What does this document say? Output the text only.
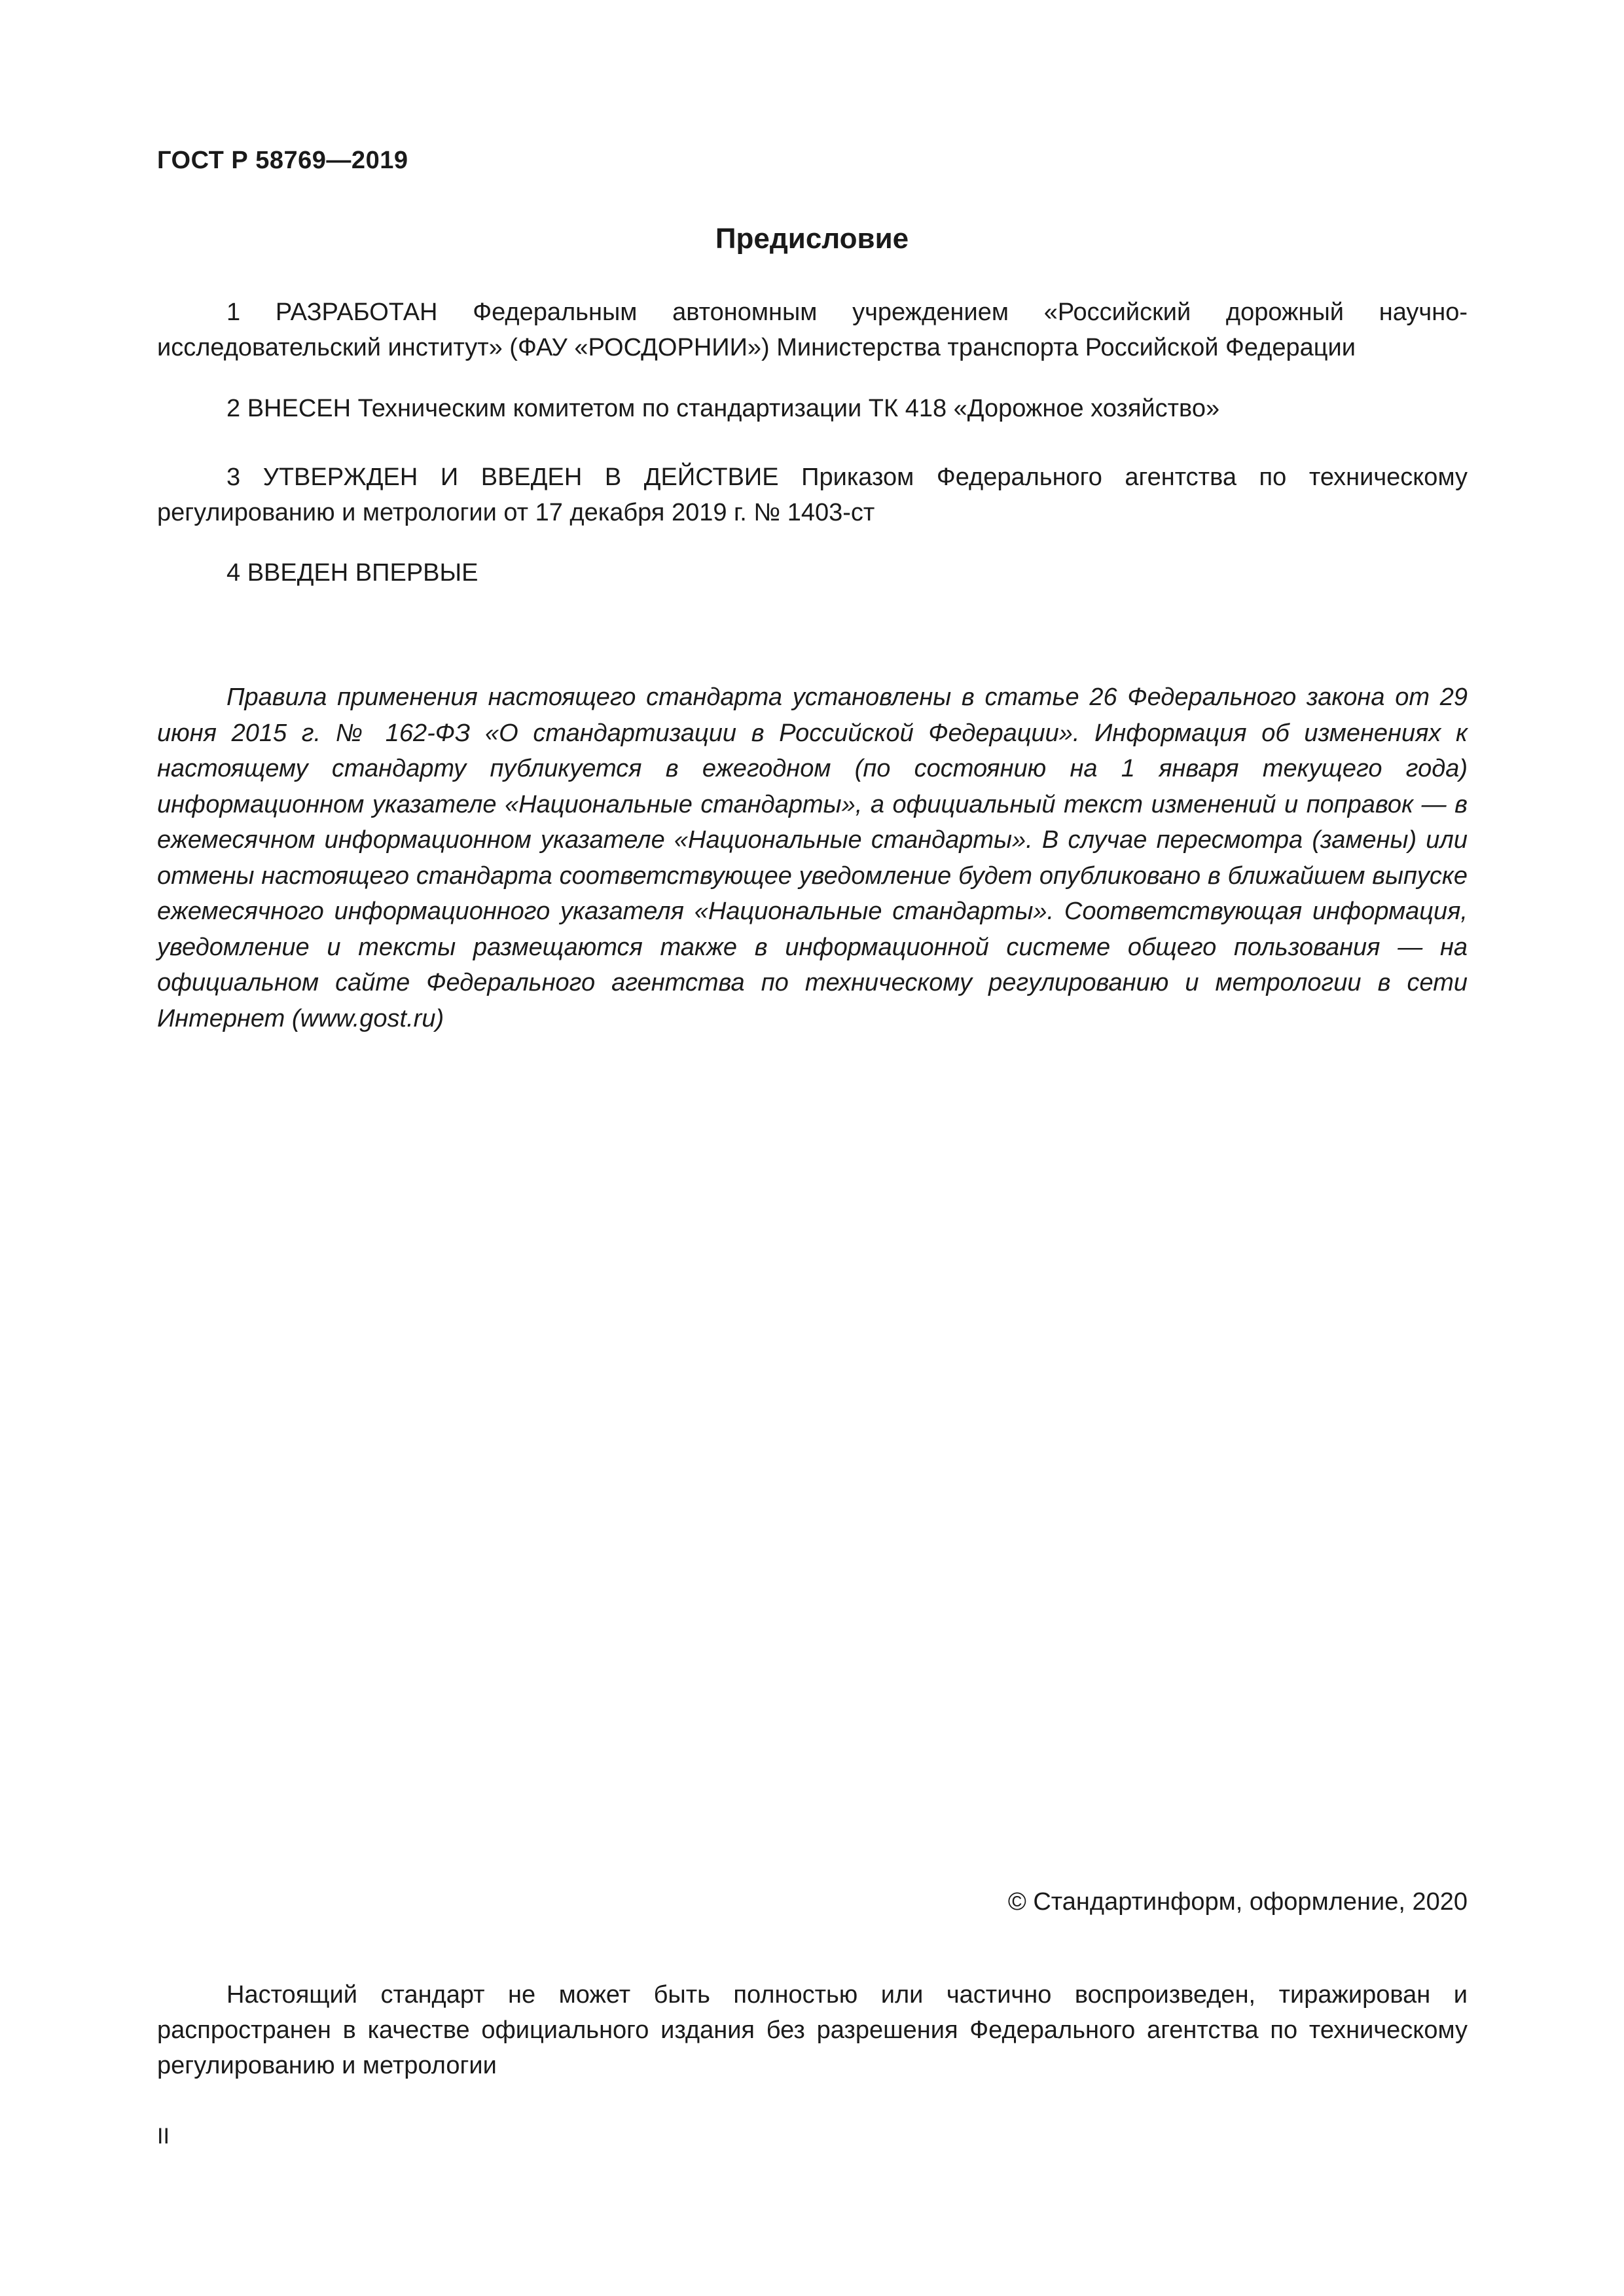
ГОСТ Р 58769—2019

Предисловие

1 РАЗРАБОТАН Федеральным автономным учреждением «Российский дорожный научно-исследовательский институт» (ФАУ «РОСДОРНИИ») Министерства транспорта Российской Федерации

2 ВНЕСЕН Техническим комитетом по стандартизации ТК 418 «Дорожное хозяйство»

3 УТВЕРЖДЕН И ВВЕДЕН В ДЕЙСТВИЕ Приказом Федерального агентства по техническому регулированию и метрологии от 17 декабря 2019 г. № 1403-ст

4 ВВЕДЕН ВПЕРВЫЕ

Правила применения настоящего стандарта установлены в статье 26 Федерального закона от 29 июня 2015 г. № 162-ФЗ «О стандартизации в Российской Федерации». Информация об изменениях к настоящему стандарту публикуется в ежегодном (по состоянию на 1 января текущего года) информационном указателе «Национальные стандарты», а официальный текст изменений и поправок — в ежемесячном информационном указателе «Национальные стандарты». В случае пересмотра (замены) или отмены настоящего стандарта соответствующее уведомление будет опубликовано в ближайшем выпуске ежемесячного информационного указателя «Национальные стандарты». Соответствующая информация, уведомление и тексты размещаются также в информационной системе общего пользования — на официальном сайте Федерального агентства по техническому регулированию и метрологии в сети Интернет (www.gost.ru)

© Стандартинформ, оформление, 2020

Настоящий стандарт не может быть полностью или частично воспроизведен, тиражирован и распространен в качестве официального издания без разрешения Федерального агентства по техническому регулированию и метрологии

II
